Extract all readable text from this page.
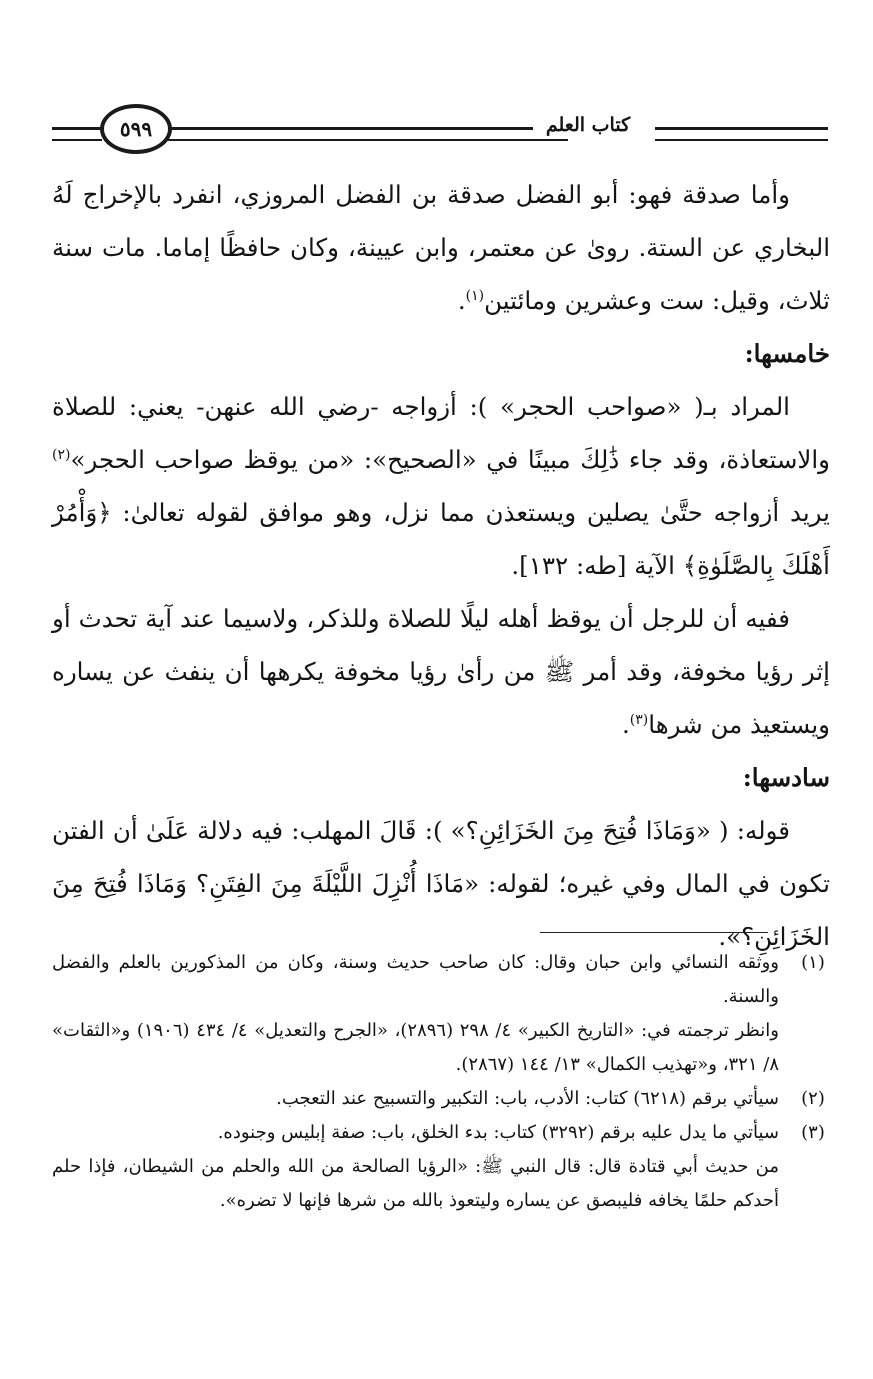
كتاب العلم
٥٩٩

وأما صدقة فهو: أبو الفضل صدقة بن الفضل المروزي، انفرد بالإخراج لَهُ البخاري عن الستة. روىٰ عن معتمر، وابن عيينة، وكان حافظًا إماما. مات سنة ثلاث، وقيل: ست وعشرين ومائتين$^{(١)}$.

خامسها:

المراد بـ( «صواحب الحجر» ): أزواجه -رضي الله عنهن- يعني: للصلاة والاستعاذة، وقد جاء ذَٰلِكَ مبينًا في «الصحيح»: «من يوقظ صواحب الحجر»$^{(٢)}$ يريد أزواجه حتَّىٰ يصلين ويستعذن مما نزل، وهو موافق لقوله تعالىٰ: ﴿وَأْمُرْ أَهْلَكَ بِالصَّلَوٰةِ﴾ الآية [طه: ١٣٢].

ففيه أن للرجل أن يوقظ أهله ليلًا للصلاة وللذكر، ولاسيما عند آية تحدث أو إثر رؤيا مخوفة، وقد أمر ﷺ من رأىٰ رؤيا مخوفة يكرهها أن ينفث عن يساره ويستعيذ من شرها$^{(٣)}$.

سادسها:

قوله: ( «وَمَاذَا فُتِحَ مِنَ الخَزَائِنِ؟» ): قَالَ المهلب: فيه دلالة عَلَىٰ أن الفتن تكون في المال وفي غيره؛ لقوله: «مَاذَا أُنْزِلَ اللَّيْلَةَ مِنَ الفِتَنِ؟ وَمَاذَا فُتِحَ مِنَ الخَزَائِنِ؟».

(١)

ووثقه النسائي وابن حبان وقال: كان صاحب حديث وسنة، وكان من المذكورين بالعلم والفضل والسنة.

وانظر ترجمته في: «التاريخ الكبير» ٤/ ٢٩٨ (٢٨٩٦)، «الجرح والتعديل» ٤/ ٤٣٤ (١٩٠٦) و«الثقات» ٨/ ٣٢١، و«تهذيب الكمال» ١٣/ ١٤٤ (٢٨٦٧).

(٢)

سيأتي برقم (٦٢١٨) كتاب: الأدب، باب: التكبير والتسبيح عند التعجب.

(٣)

سيأتي ما يدل عليه برقم (٣٢٩٢) كتاب: بدء الخلق، باب: صفة إبليس وجنوده.

من حديث أبي قتادة قال: قال النبي ﷺ: «الرؤيا الصالحة من الله والحلم من الشيطان، فإذا حلم أحدكم حلمًا يخافه فليبصق عن يساره وليتعوذ بالله من شرها فإنها لا تضره».
